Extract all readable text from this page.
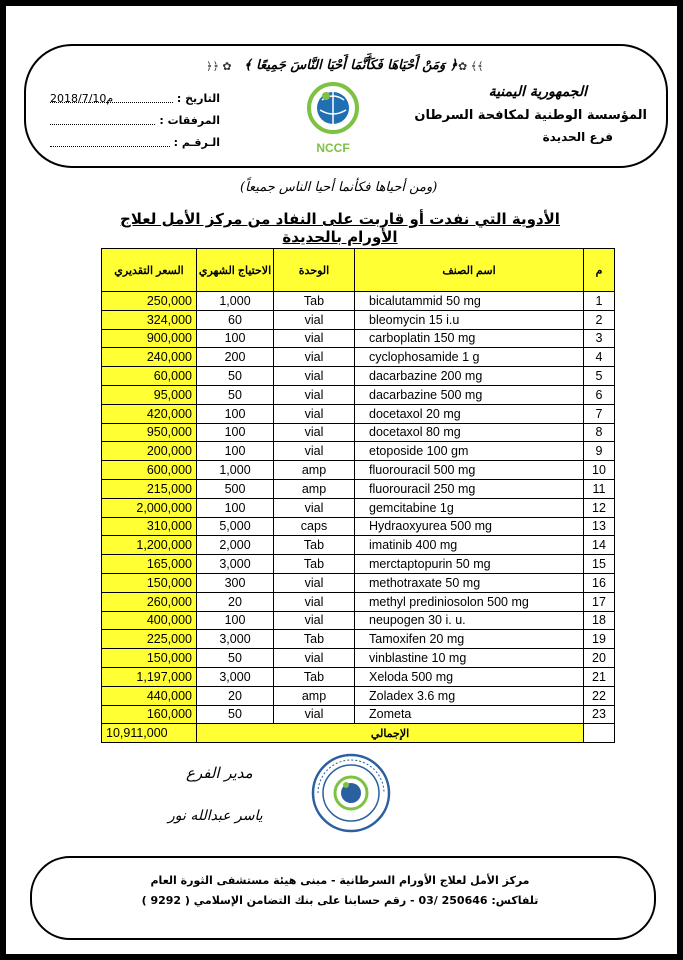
﴿﴿ ✿	✿ ﴾﴾
﴿ وَمَنْ أَحْيَاهَا فَكَأَنَّمَا أَحْيَا النَّاسَ جَمِيعًا ﴾
الجمهورية اليمنية
المؤسسة الوطنية لمكافحة السرطان
فرع الحديدة
التاريخ :
2018/7/10م
المرفقات :
الـرقـم :	NCCF
(ومن أحياها فكأنما أحيا الناس جميعاً)
الأدوية التي نفدت أو قاربت على النفاد من مركز الأمل لعلاج الأورام بالحديدة
السعر التقديري	الاحتياج الشهري	الوحدة	اسم الصنف	م
250,000	1,000	Tab	bicalutammid 50 mg	1
324,000	60	vial	bleomycin 15 i.u	2
900,000	100	vial	carboplatin 150 mg	3
240,000	200	vial	cyclophosamide 1 g	4
60,000	50	vial	dacarbazine 200 mg	5
95,000	50	vial	dacarbazine 500 mg	6
420,000	100	vial	docetaxol 20 mg	7
950,000	100	vial	docetaxol 80 mg	8
200,000	100	vial	etoposide 100 gm	9
600,000	1,000	amp	fluorouracil 500 mg	10
215,000	500	amp	fluorouracil 250 mg	11
2,000,000	100	vial	gemcitabine 1g	12
310,000	5,000	caps	Hydraoxyurea 500 mg	13
1,200,000	2,000	Tab	imatinib 400 mg	14
165,000	3,000	Tab	merctaptopurin 50 mg	15
150,000	300	vial	methotraxate 50 mg	16
260,000	20	vial	methyl prediniosolon 500 mg	17
400,000	100	vial	neupogen 30 i. u.	18
225,000	3,000	Tab	Tamoxifen 20 mg	19
150,000	50	vial	vinblastine 10 mg	20
1,197,000	3,000	Tab	Xeloda 500 mg	21
440,000	20	amp	Zoladex 3.6 mg	22
160,000	50	vial	Zometa	23
10,911,000	الإجمالي			
مدير الفرع
ياسر عبدالله نور
مركز الأمل لعلاج الأورام السرطانية - مبنى هيئة مستشفى الثورة العام
تلفاكس: 250646 /03 - رقم حسابنا على بنك التضامن الإسلامي ( 9292 )
